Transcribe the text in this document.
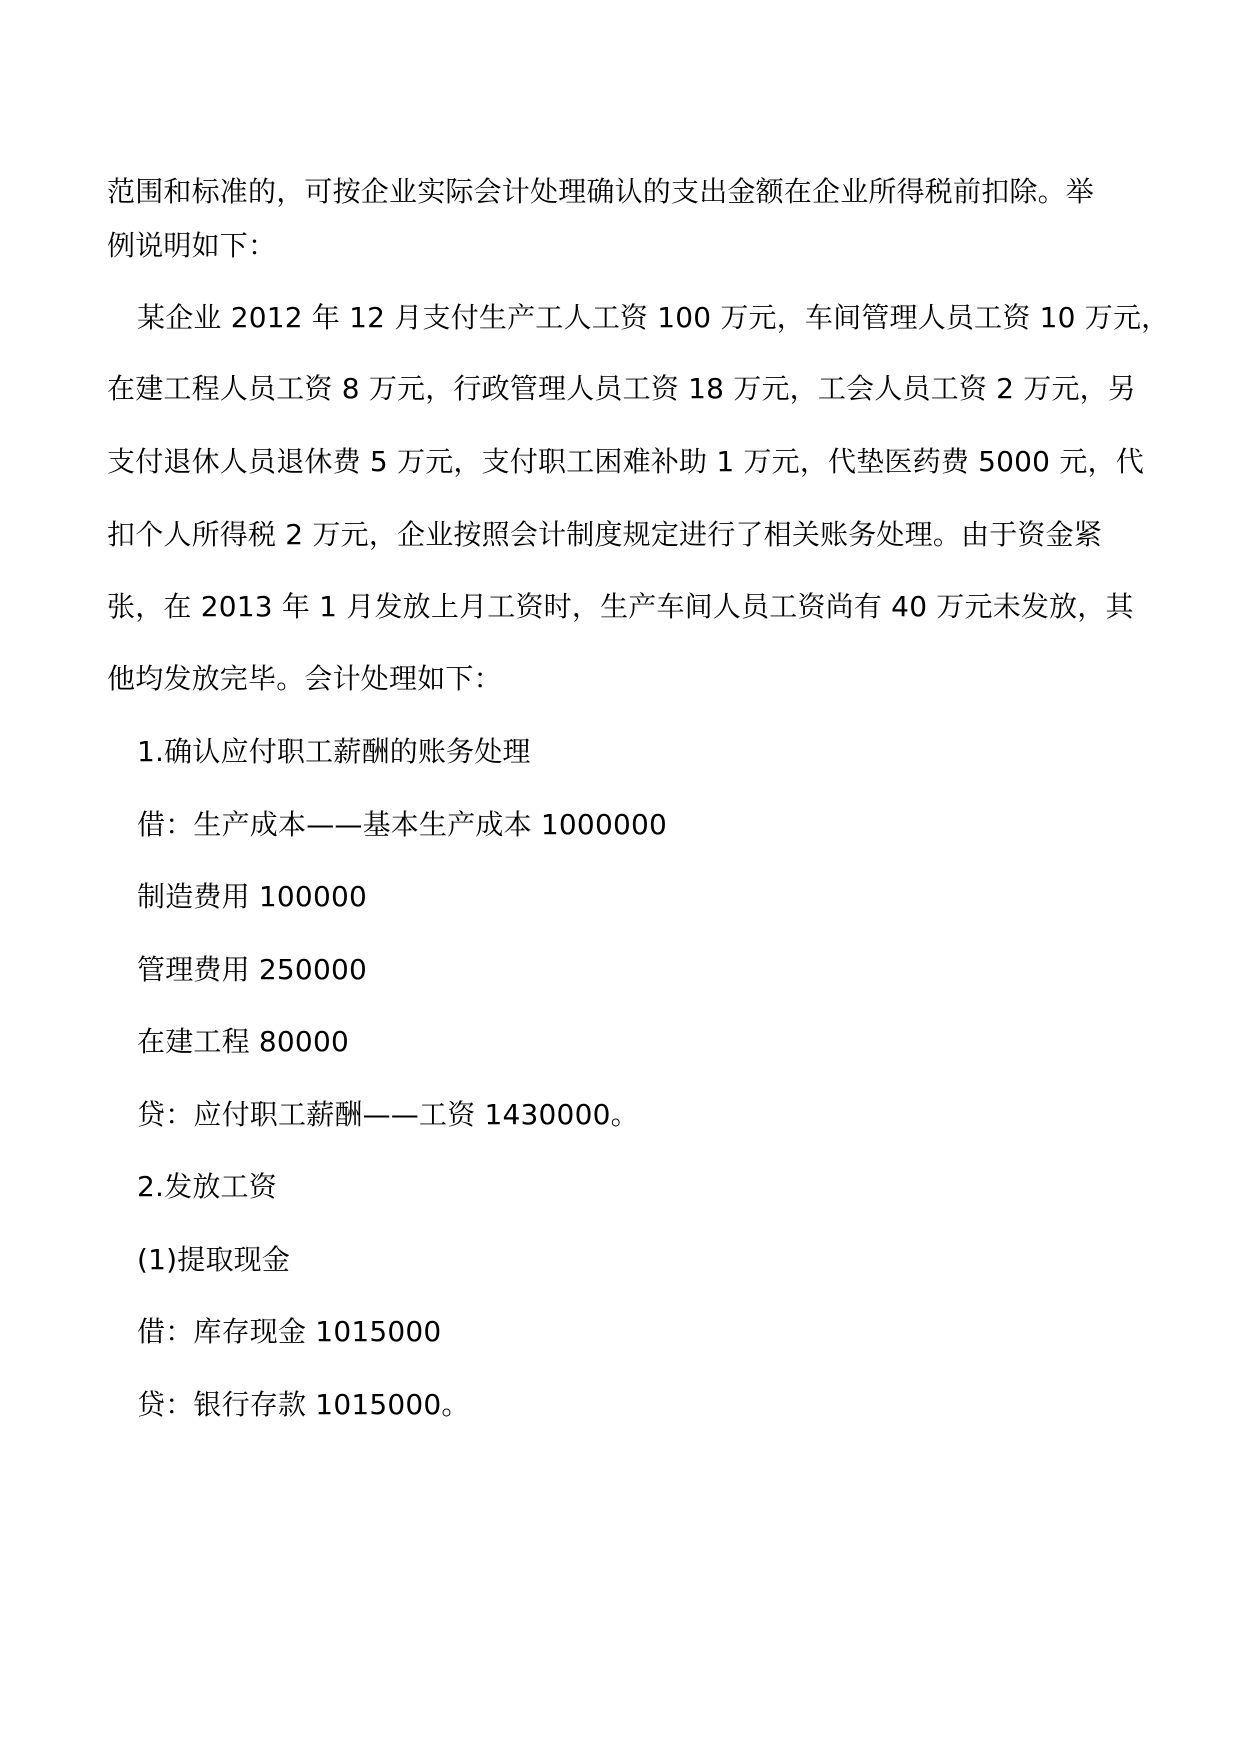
范围和标准的，可按企业实际会计处理确认的支出金额在企业所得税前扣除。举
例说明如下：
某企业 2012 年 12 月支付生产工人工资 100 万元，车间管理人员工资 10 万元，
在建工程人员工资 8 万元，行政管理人员工资 18 万元，工会人员工资 2 万元，另
支付退休人员退休费 5 万元，支付职工困难补助 1 万元，代垫医药费 5000 元，代
扣个人所得税 2 万元，企业按照会计制度规定进行了相关账务处理。由于资金紧
张，在 2013 年 1 月发放上月工资时，生产车间人员工资尚有 40 万元未发放，其
他均发放完毕。会计处理如下：
1.确认应付职工薪酬的账务处理
借：生产成本——基本生产成本 1000000
制造费用 100000
管理费用 250000
在建工程 80000
贷：应付职工薪酬——工资 1430000。
2.发放工资
(1)提取现金
借：库存现金 1015000
贷：银行存款 1015000。
